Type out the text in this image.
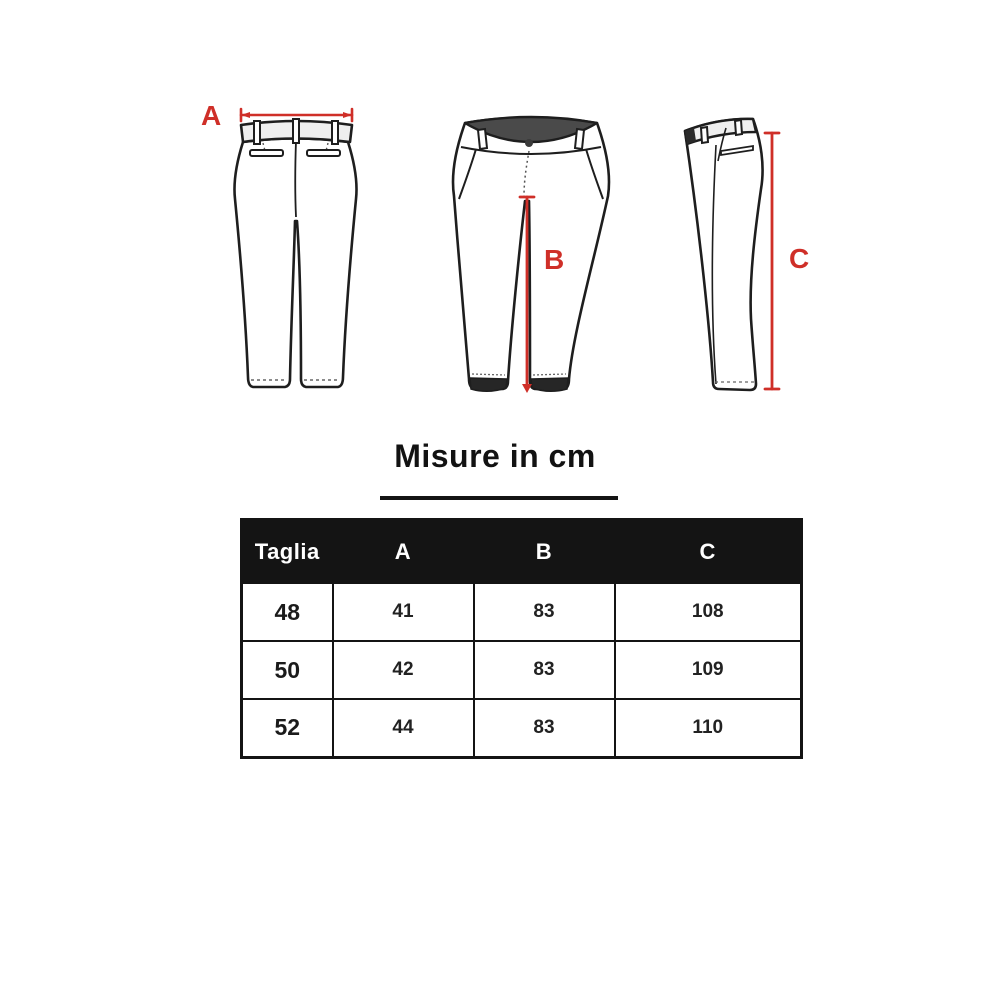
A
B	C
Misure in cm
Taglia	A	B	C
48	41	83	108
50	42	83	109
52	44	83	110
